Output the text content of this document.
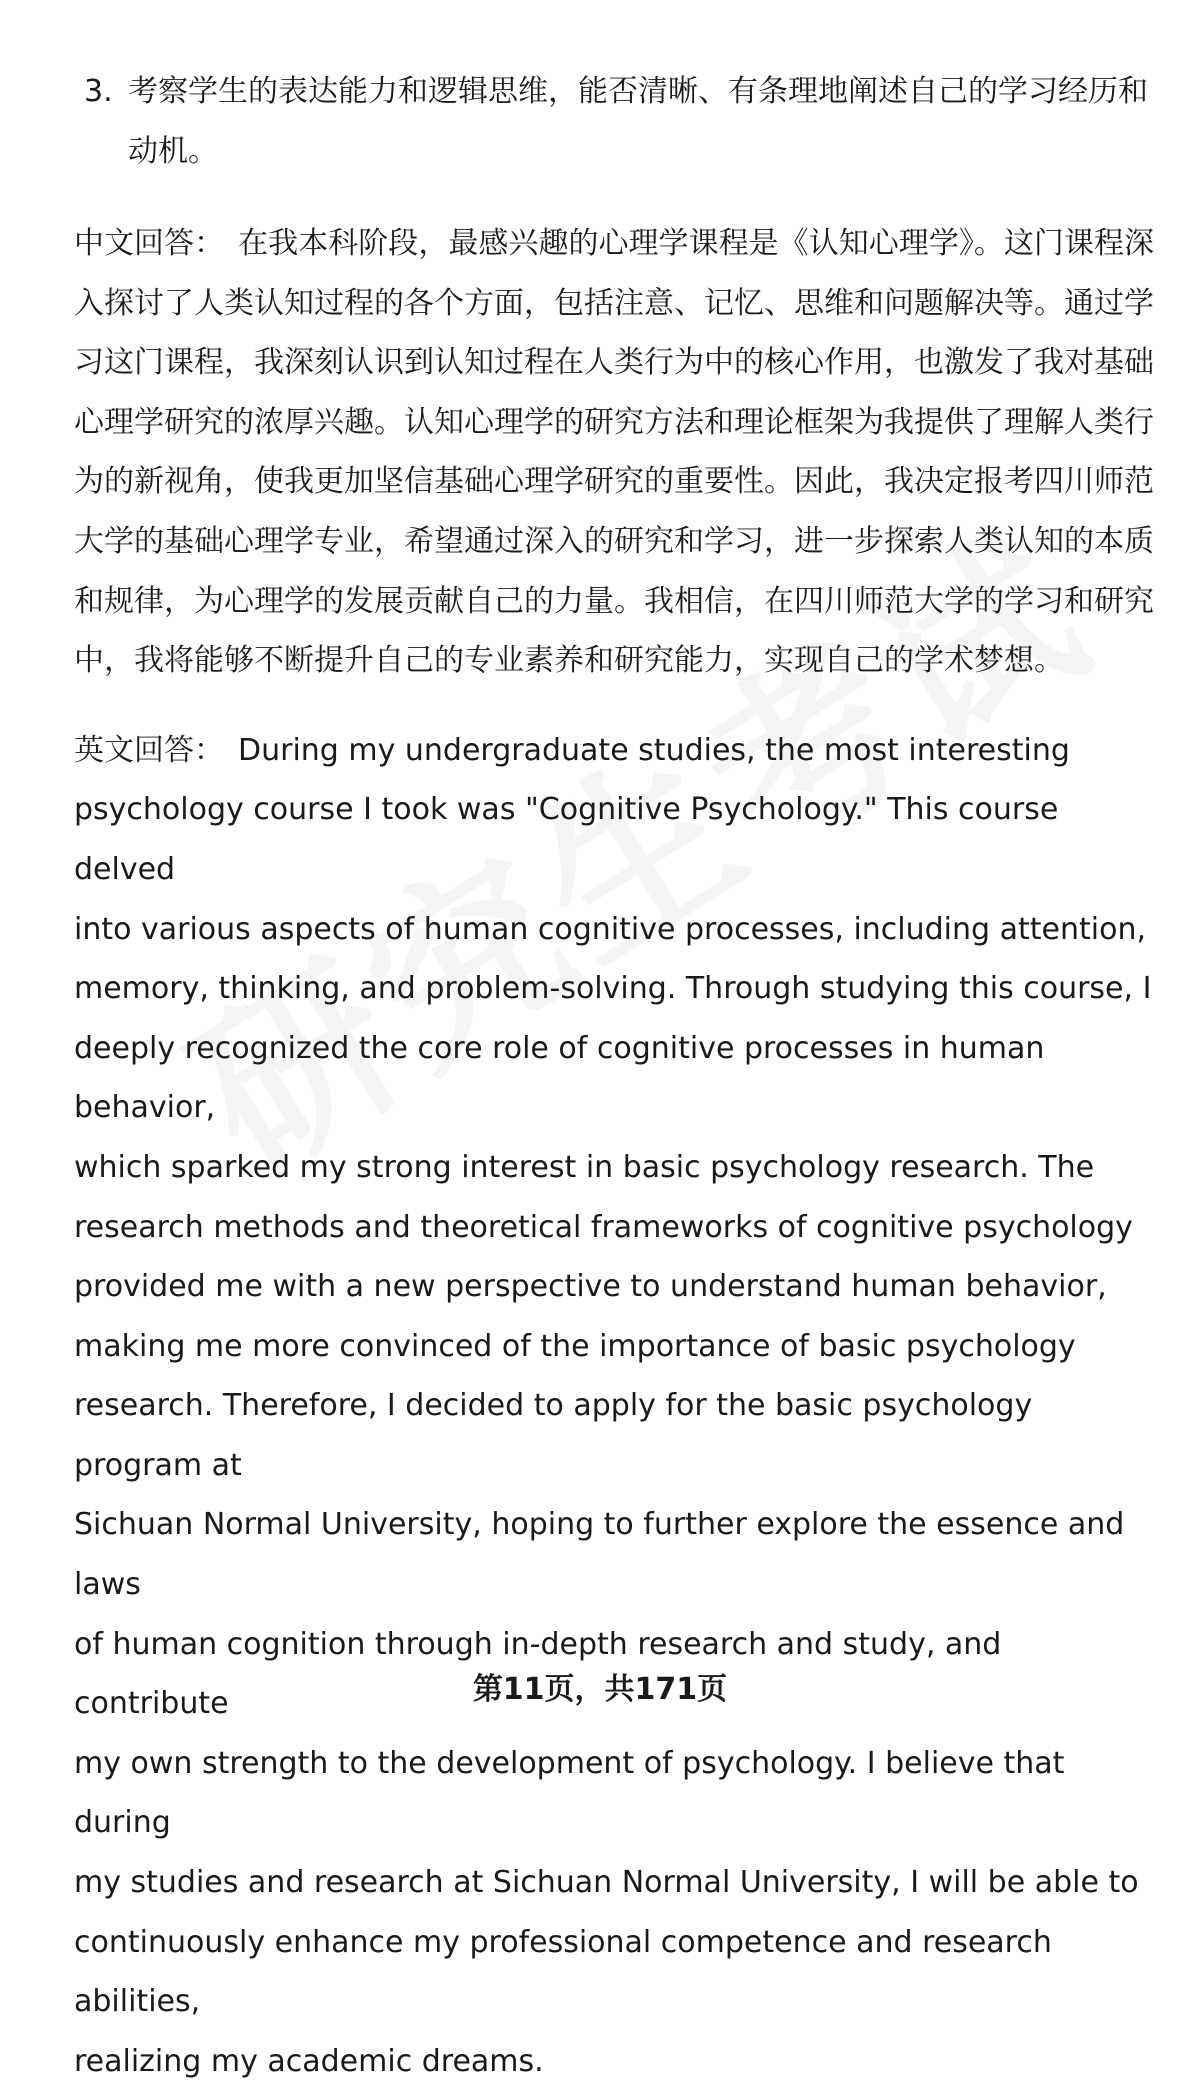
3. 考察学生的表达能力和逻辑思维，能否清晰、有条理地阐述自己的学习经历和动机。

中文回答： 在我本科阶段，最感兴趣的心理学课程是《认知心理学》。这门课程深入探讨了人类认知过程的各个方面，包括注意、记忆、思维和问题解决等。通过学习这门课程，我深刻认识到认知过程在人类行为中的核心作用，也激发了我对基础心理学研究的浓厚兴趣。认知心理学的研究方法和理论框架为我提供了理解人类行为的新视角，使我更加坚信基础心理学研究的重要性。因此，我决定报考四川师范大学的基础心理学专业，希望通过深入的研究和学习，进一步探索人类认知的本质和规律，为心理学的发展贡献自己的力量。我相信，在四川师范大学的学习和研究中，我将能够不断提升自己的专业素养和研究能力，实现自己的学术梦想。

英文回答： During my undergraduate studies, the most interesting
psychology course I took was "Cognitive Psychology." This course delved
into various aspects of human cognitive processes, including attention,
memory, thinking, and problem-solving. Through studying this course, I
deeply recognized the core role of cognitive processes in human behavior,
which sparked my strong interest in basic psychology research. The
research methods and theoretical frameworks of cognitive psychology
provided me with a new perspective to understand human behavior,
making me more convinced of the importance of basic psychology
research. Therefore, I decided to apply for the basic psychology program at
Sichuan Normal University, hoping to further explore the essence and laws
of human cognition through in-depth research and study, and contribute
my own strength to the development of psychology. I believe that during
my studies and research at Sichuan Normal University, I will be able to
continuously enhance my professional competence and research abilities,
realizing my academic dreams.
第11页，共171页
